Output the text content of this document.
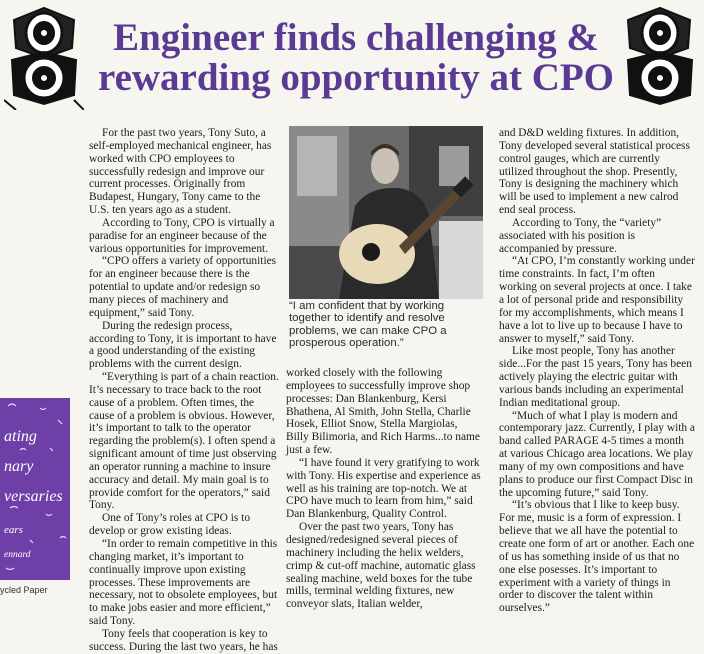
Engineer finds challenging & rewarding opportunity at CPO

For the past two years, Tony Suto, a self-employed mechanical engineer, has worked with CPO employees to successfully redesign and improve our current processes. Originally from Budapest, Hungary, Tony came to the U.S. ten years ago as a student.

According to Tony, CPO is virtually a paradise for an engineer because of the various opportunities for improvement.

“CPO offers a variety of opportunities for an engineer because there is the potential to update and/or redesign so many pieces of machinery and equipment,” said Tony.

During the redesign process, according to Tony, it is important to have a good understanding of the existing problems with the current design.

“Everything is part of a chain reaction. It’s necessary to trace back to the root cause of a problem. Often times, the cause of a problem is obvious. However, it’s important to talk to the operator regarding the problem(s). I often spend a significant amount of time just observing an operator running a machine to insure accuracy and detail. My main goal is to provide comfort for the operators,” said Tony.

One of Tony’s roles at CPO is to develop or grow existing ideas.

“In order to remain competitive in this changing market, it’s important to continually improve upon existing processes. These improvements are necessary, not to obsolete employees, but to make jobs easier and more efficient,” said Tony.

Tony feels that cooperation is key to success. During the last two years, he has

“I am confident that by working together to identify and resolve problems, we can make CPO a prosperous operation.”

worked closely with the following employees to successfully improve shop processes: Dan Blankenburg, Kersi Bhathena, Al Smith, John Stella, Charlie Hosek, Elliot Snow, Stella Margiolas, Billy Bilimoria, and Rich Harms...to name just a few.

“I have found it very gratifying to work with Tony. His expertise and experience as well as his training are top-notch. We at CPO have much to learn from him,” said Dan Blankenburg, Quality Control.

Over the past two years, Tony has designed/redesigned several pieces of machinery including the helix welders, crimp & cut-off machine, automatic glass sealing machine, weld boxes for the tube mills, terminal welding fixtures, new conveyor slats, Italian welder,

and D&D welding fixtures. In addition, Tony developed several statistical process control gauges, which are currently utilized throughout the shop. Presently, Tony is designing the machinery which will be used to implement a new calrod end seal process.

According to Tony, the “variety” associated with his position is accompanied by pressure.

“At CPO, I’m constantly working under time constraints. In fact, I’m often working on several projects at once. I take a lot of personal pride and responsibility for my accomplishments, which means I have a lot to live up to because I have to answer to myself,” said Tony.

Like most people, Tony has another side...For the past 15 years, Tony has been actively playing the electric guitar with various bands including an experimental Indian meditational group.

“Much of what I play is modern and contemporary jazz. Currently, I play with a band called PARAGE 4-5 times a month at various Chicago area locations. We play many of my own compositions and have plans to produce our first Compact Disc in the upcoming future,” said Tony.

“It’s obvious that I like to keep busy. For me, music is a form of expression. I believe that we all have the potential to create one form of art or another. Each one of us has something inside of us that no one else posesses. It’s important to experiment with a variety of things in order to discover the talent within ourselves.”

ating
nary
versaries
ears
ennard
ycled Paper
